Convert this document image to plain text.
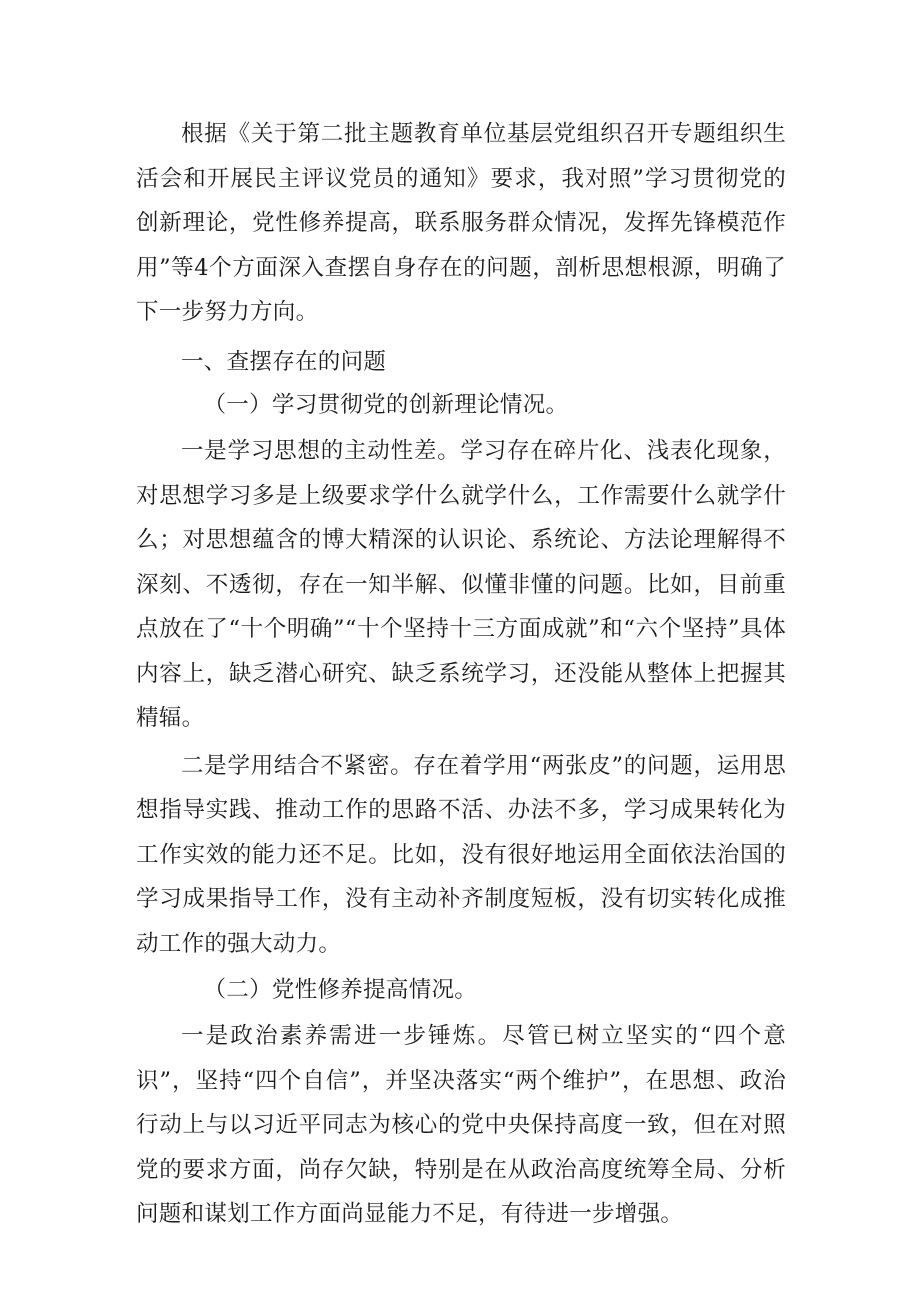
根据《关于第二批主题教育单位基层党组织召开专题组织生活会和开展民主评议党员的通知》要求，我对照”学习贯彻党的创新理论，党性修养提高，联系服务群众情况，发挥先锋模范作用”等4个方面深入查摆自身存在的问题，剖析思想根源，明确了下一步努力方向。

一、查摆存在的问题

（一）学习贯彻党的创新理论情况。

一是学习思想的主动性差。学习存在碎片化、浅表化现象，对思想学习多是上级要求学什么就学什么，工作需要什么就学什么；对思想蕴含的博大精深的认识论、系统论、方法论理解得不深刻、不透彻，存在一知半解、似懂非懂的问题。比如，目前重点放在了“十个明确”“十个坚持十三方面成就”和“六个坚持”具体内容上，缺乏潜心研究、缺乏系统学习，还没能从整体上把握其精辐。

二是学用结合不紧密。存在着学用“两张皮”的问题，运用思想指导实践、推动工作的思路不活、办法不多，学习成果转化为工作实效的能力还不足。比如，没有很好地运用全面依法治国的学习成果指导工作，没有主动补齐制度短板，没有切实转化成推动工作的强大动力。

（二）党性修养提高情况。

一是政治素养需进一步锤炼。尽管已树立坚实的“四个意识”，坚持“四个自信”，并坚决落实“两个维护”，在思想、政治行动上与以习近平同志为核心的党中央保持高度一致，但在对照党的要求方面，尚存欠缺，特别是在从政治高度统筹全局、分析问题和谋划工作方面尚显能力不足，有待进一步增强。
